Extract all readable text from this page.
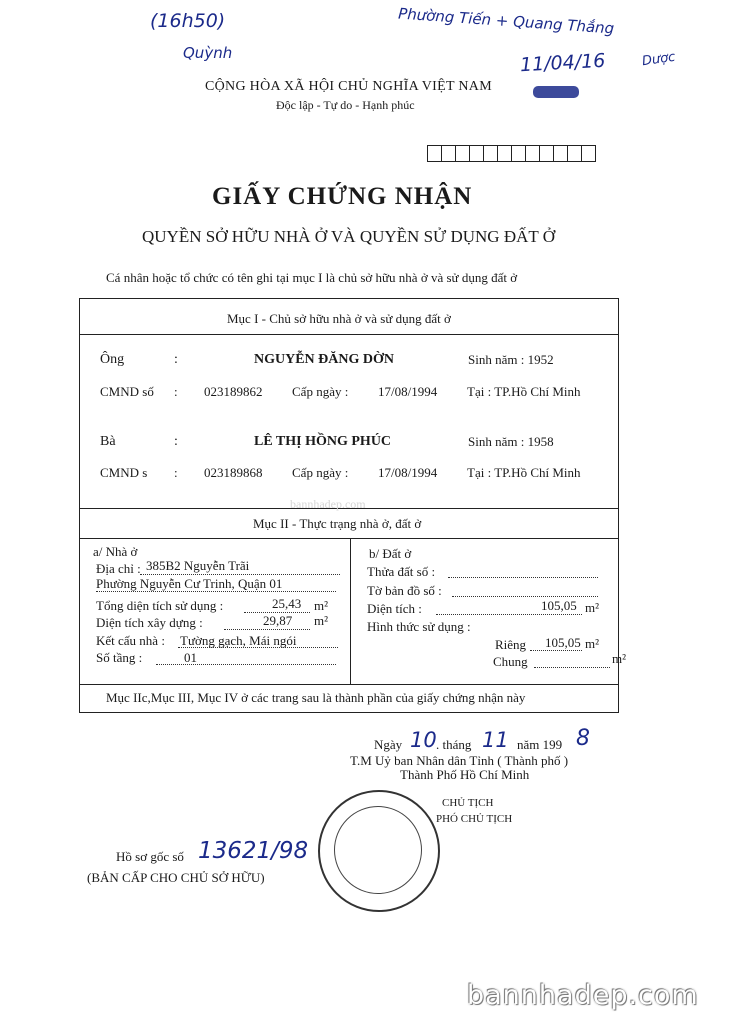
(16h50)
Quỳnh
Phường Tiến + Quang Thắng
11/04/16	Dược
CỘNG HÒA XÃ HỘI CHỦ NGHĨA VIỆT NAM
Độc lập - Tự do - Hạnh phúc
GIẤY CHỨNG NHẬN
QUYỀN SỞ HỮU NHÀ Ở VÀ QUYỀN SỬ DỤNG ĐẤT Ở
Cá nhân hoặc tổ chức có tên ghi tại mục I là chủ sở hữu nhà ở và sử dụng đất ở
Mục I - Chủ sở hữu nhà ở và sử dụng đất ở
Ông	:	NGUYỄN ĐĂNG DỜN	Sinh năm : 1952
CMND số : 023189862 Cấp ngày : 17/08/1994 Tại : TP.Hồ Chí Minh
Bà	:	LÊ THỊ HỒNG PHÚC	Sinh năm : 1958
CMND s : 023189868 Cấp ngày : 17/08/1994 Tại : TP.Hồ Chí Minh
bannhadep.com
Mục II - Thực trạng nhà ở, đất ở
a/ Nhà ở
Địa chỉ : 385B2 Nguyễn Trãi
Phường Nguyễn Cư Trinh, Quận 01
Tổng diện tích sử dụng :	25,43 m²
Diện tích xây dựng :	29,87 m²
Kết cấu nhà : Tường gạch, Mái ngói
Số tầng :	01
b/ Đất ở
Thửa đất số :
Tờ bản đồ số :
Diện tích :	105,05 m²
Hình thức sử dụng :
Riêng 105,05 m²
Chung	m²
Mục IIc,Mục III, Mục IV ở các trang sau là thành phần của giấy chứng nhận này
Ngày 10 . tháng 11 năm 199 8
T.M Uỷ ban Nhân dân Tỉnh ( Thành phố )
Thành Phố Hồ Chí Minh
CHỦ TỊCH
PHÓ CHỦ TỊCH
Hồ sơ gốc số 13621/98
(BẢN CẤP CHO CHỦ SỞ HỮU)
bannhadep.com
